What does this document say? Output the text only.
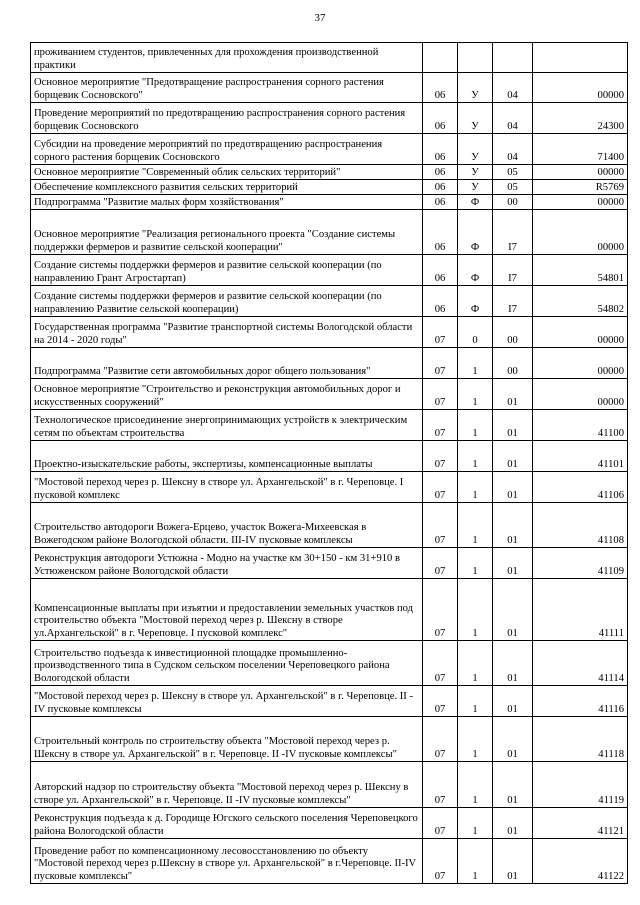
37
проживанием студентов, привлеченных для прохождения производственной практики				
Основное мероприятие "Предотвращение распространения сорного растения борщевик Сосновского"	06	У	04	00000
Проведение мероприятий по предотвращению распространения сорного растения борщевик Сосновского	06	У	04	24300
Субсидии на проведение мероприятий по предотвращению распространения сорного растения борщевик Сосновского	06	У	04	71400
Основное мероприятие "Современный облик сельских территорий"	06	У	05	00000
Обеспечение комплексного развития сельских территорий	06	У	05	R5769
Подпрограмма "Развитие малых форм хозяйствования"	06	Ф	00	00000
Основное мероприятие "Реализация регионального проекта "Создание системы поддержки фермеров и развитие сельской кооперации"	06	Ф	I7	00000
Создание системы поддержки фермеров и развитие сельской кооперации (по направлению Грант Агростартап)	06	Ф	I7	54801
Создание системы поддержки фермеров и развитие сельской кооперации (по направлению Развитие сельской кооперации)	06	Ф	I7	54802
Государственная программа "Развитие транспортной системы Вологодской области на 2014 - 2020 годы"	07	0	00	00000
Подпрограмма "Развитие сети автомобильных дорог общего пользования"	07	1	00	00000
Основное мероприятие "Строительство и реконструкция автомобильных дорог и искусственных сооружений"	07	1	01	00000
Технологическое присоединение энергопринимающих устройств к электрическим сетям по объектам строительства	07	1	01	41100
Проектно-изыскательские работы, экспертизы, компенсационные выплаты	07	1	01	41101
"Мостовой переход через р. Шексну в створе ул. Архангельской" в г. Череповце. I пусковой комплекс	07	1	01	41106
Строительство автодороги Вожега-Ерцево, участок Вожега-Михеевская в Вожегодском районе Вологодской области. III-IV пусковые комплексы	07	1	01	41108
Реконструкция автодороги Устюжна - Модно на участке км 30+150 - км 31+910 в Устюженском районе Вологодской области	07	1	01	41109
Компенсационные выплаты при изъятии и предоставлении земельных участков под строительство объекта "Мостовой переход через р. Шексну в створе ул.Архангельской" в г. Череповце. I пусковой комплекс"	07	1	01	41111
Строительство подъезда к инвестиционной площадке промышленно-производственного типа в Судском сельском поселении Череповецкого района Вологодской области	07	1	01	41114
"Мостовой переход через р. Шексну в створе ул. Архангельской" в г. Череповце. II -IV пусковые комплексы	07	1	01	41116
Строительный контроль по строительству объекта "Мостовой переход через р. Шексну в створе ул. Архангельской" в г. Череповце. II -IV пусковые комплексы"	07	1	01	41118
Авторский надзор по строительству объекта "Мостовой переход через р. Шексну в створе ул. Архангельской" в г. Череповце. II -IV пусковые комплексы"	07	1	01	41119
Реконструкция подъезда к д. Городище Югского сельского поселения Череповецкого района Вологодской области	07	1	01	41121
Проведение работ по компенсационному лесовосстановлению по объекту "Мостовой переход через р.Шексну в створе ул. Архангельской" в г.Череповце. II-IV пусковые комплексы"	07	1	01	41122
